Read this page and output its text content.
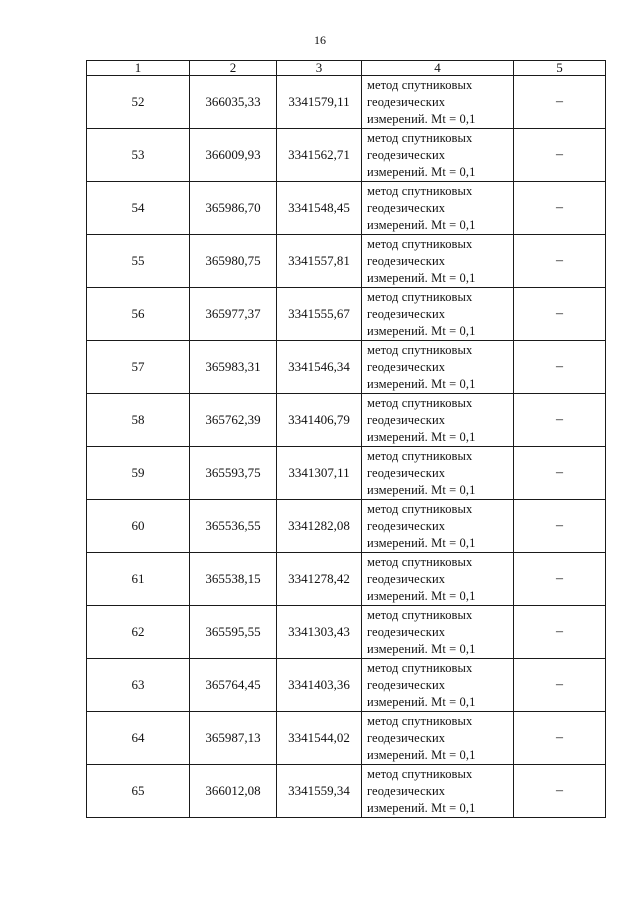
16
1	2	3	4	5
52	366035,33	3341579,11	метод спутниковых
геодезических
измерений. Mt = 0,1	–
53	366009,93	3341562,71	метод спутниковых
геодезических
измерений. Mt = 0,1	–
54	365986,70	3341548,45	метод спутниковых
геодезических
измерений. Mt = 0,1	–
55	365980,75	3341557,81	метод спутниковых
геодезических
измерений. Mt = 0,1	–
56	365977,37	3341555,67	метод спутниковых
геодезических
измерений. Mt = 0,1	–
57	365983,31	3341546,34	метод спутниковых
геодезических
измерений. Mt = 0,1	–
58	365762,39	3341406,79	метод спутниковых
геодезических
измерений. Mt = 0,1	–
59	365593,75	3341307,11	метод спутниковых
геодезических
измерений. Mt = 0,1	–
60	365536,55	3341282,08	метод спутниковых
геодезических
измерений. Mt = 0,1	–
61	365538,15	3341278,42	метод спутниковых
геодезических
измерений. Mt = 0,1	–
62	365595,55	3341303,43	метод спутниковых
геодезических
измерений. Mt = 0,1	–
63	365764,45	3341403,36	метод спутниковых
геодезических
измерений. Mt = 0,1	–
64	365987,13	3341544,02	метод спутниковых
геодезических
измерений. Mt = 0,1	–
65	366012,08	3341559,34	метод спутниковых
геодезических
измерений. Mt = 0,1	–
